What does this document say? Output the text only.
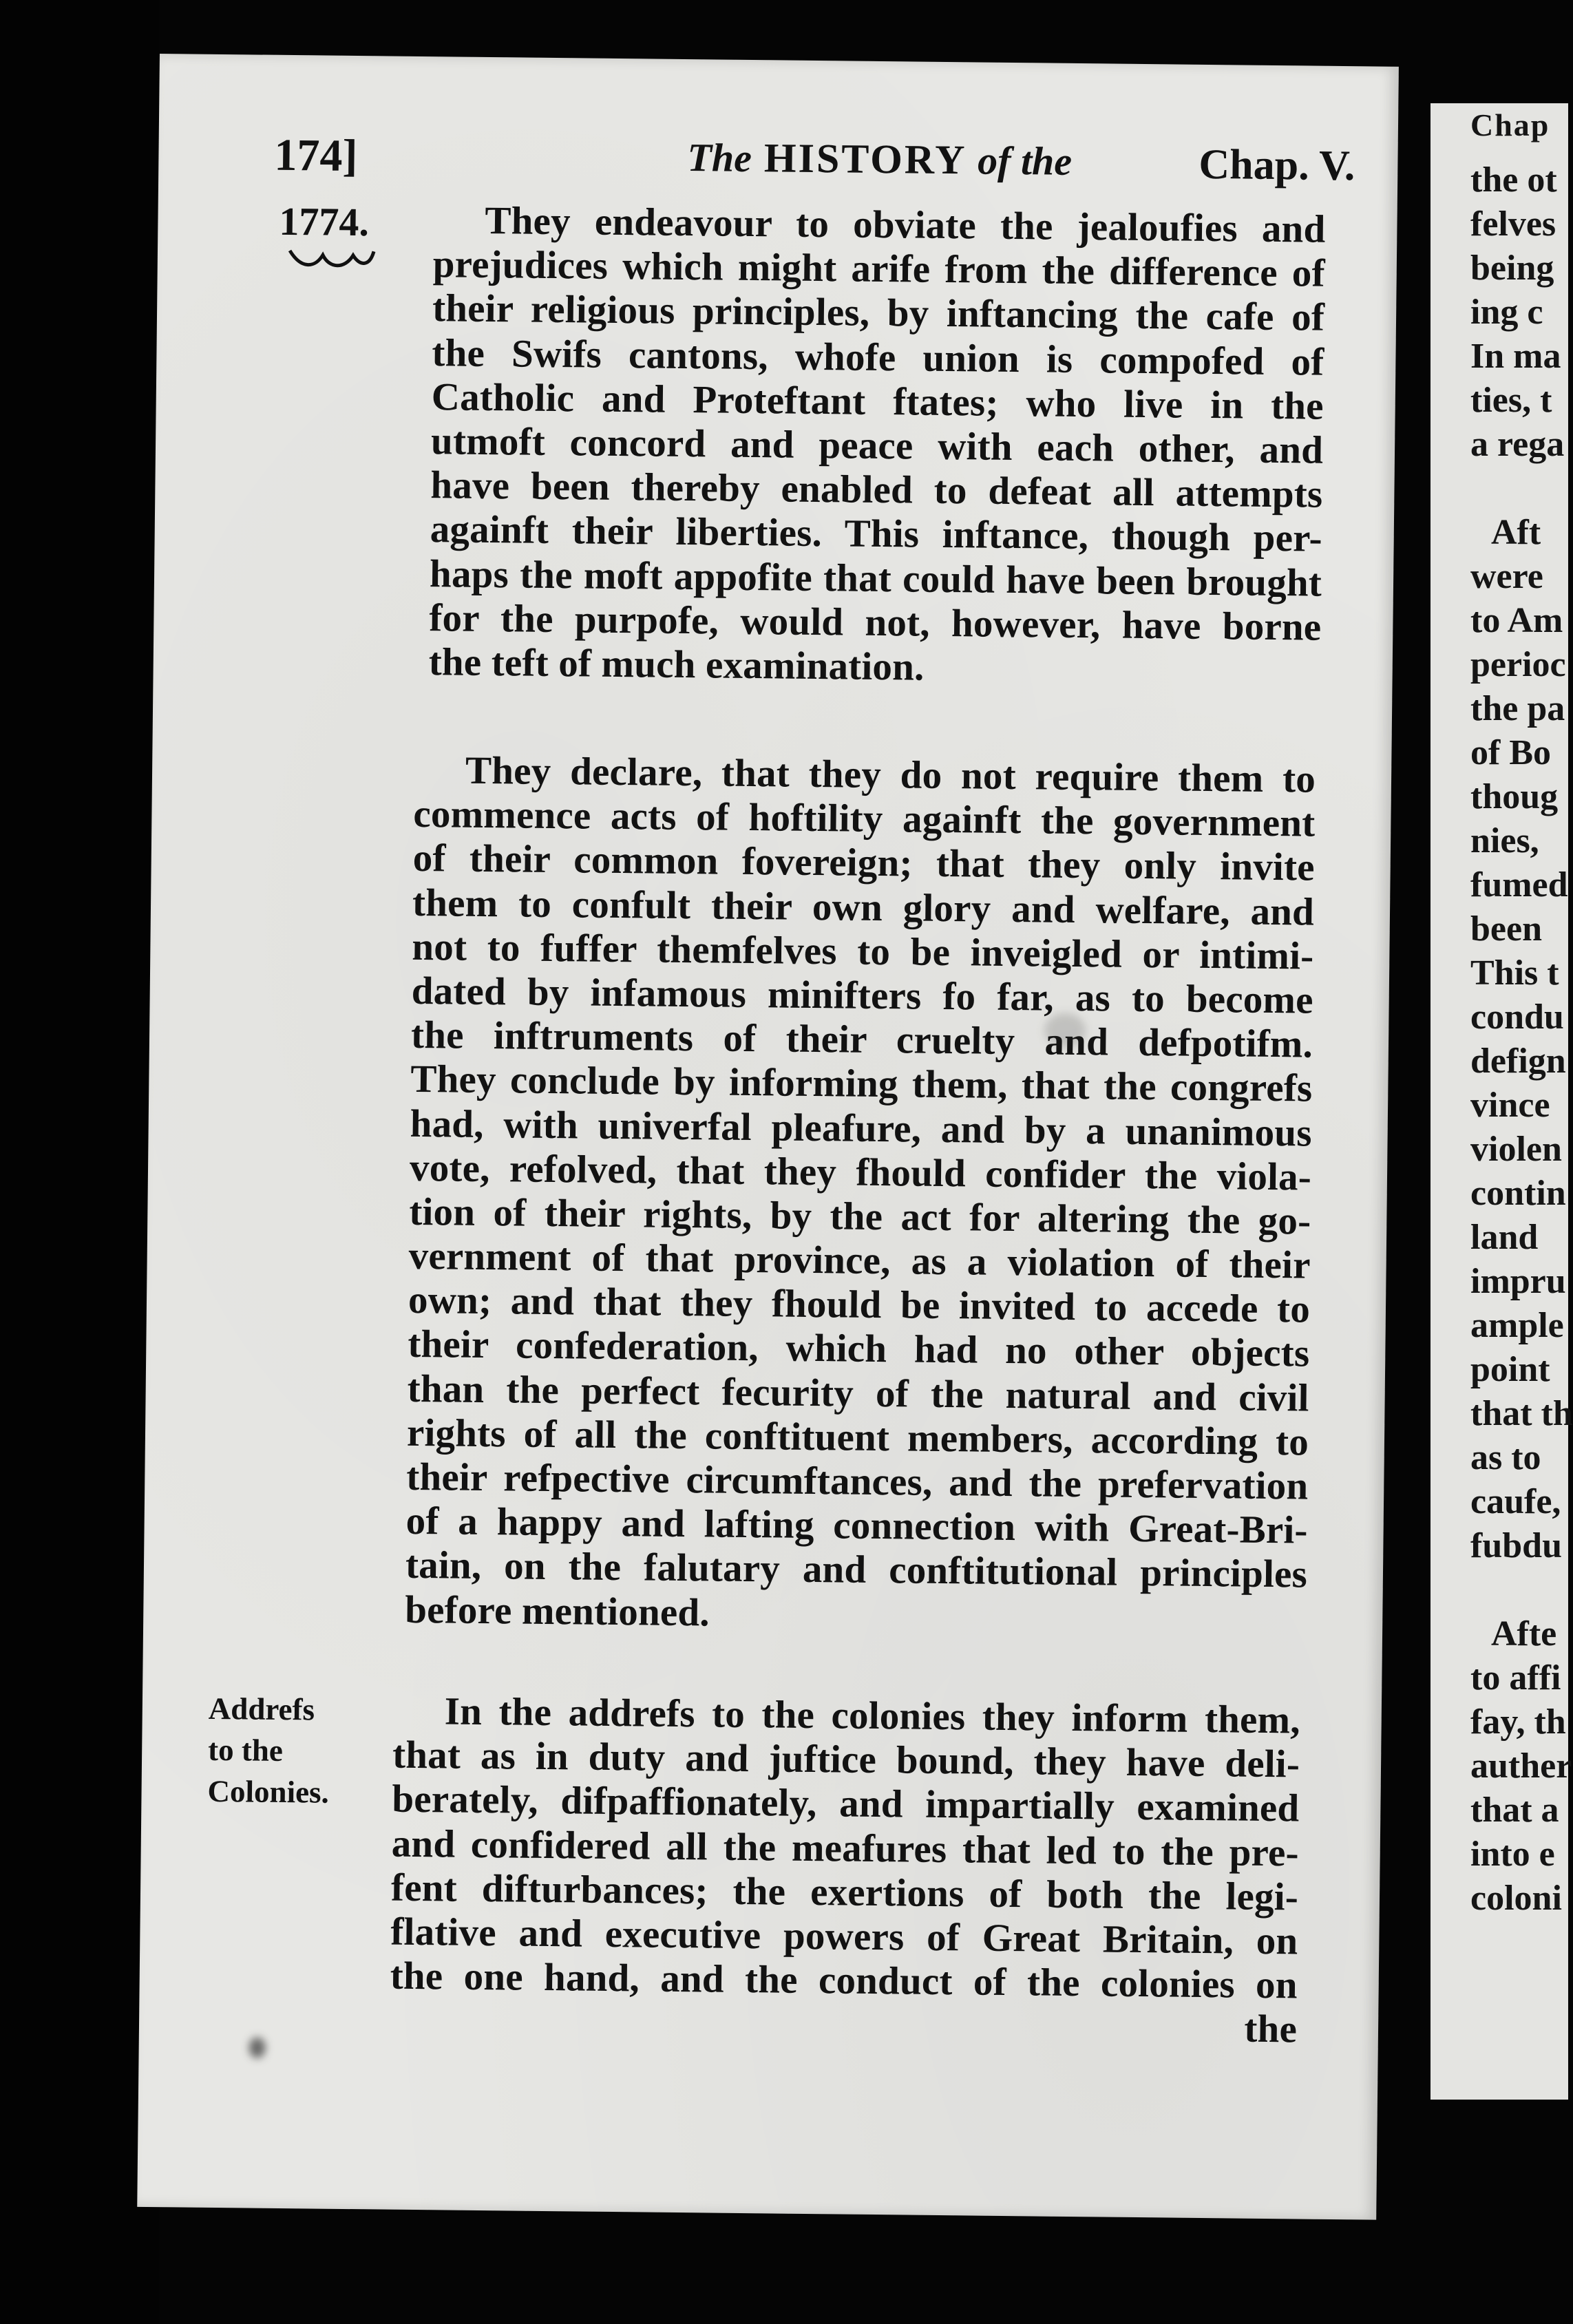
174]	The HISTORY of the	Chap. V.
1774.	They endeavour to obviate the jealoufies and
prejudices which might arife from the difference of
their religious principles, by inftancing the cafe of
the Swifs cantons, whofe union is compofed of
Catholic and Proteftant ftates; who live in the
utmoft concord and peace with each other, and
have been thereby enabled to defeat all attempts
againft their liberties. This inftance, though per-
haps the moft appofite that could have been brought
for the purpofe, would not, however, have borne
the teft of much examination.
They declare, that they do not require them to
commence acts of hoftility againft the government
of their common fovereign; that they only invite
them to confult their own glory and welfare, and
not to fuffer themfelves to be inveigled or intimi-
dated by infamous minifters fo far, as to become
the inftruments of their cruelty and defpotifm.
They conclude by informing them, that the congrefs
had, with univerfal pleafure, and by a unanimous
vote, refolved, that they fhould confider the viola-
tion of their rights, by the act for altering the go-
vernment of that province, as a violation of their
own; and that they fhould be invited to accede to
their confederation, which had no other objects
than the perfect fecurity of the natural and civil
rights of all the conftituent members, according to
their refpective circumftances, and the prefervation
of a happy and lafting connection with Great-Bri-
tain, on the falutary and conftitutional principles
before mentioned.
Addrefs
to the
Colonies.
In the addrefs to the colonies they inform them,
that as in duty and juftice bound, they have deli-
berately, difpaffionately, and impartially examined
and confidered all the meafures that led to the pre-
fent difturbances; the exertions of both the legi-
flative and executive powers of Great Britain, on
the one hand, and the conduct of the colonies on
the
Chap
the ot
felves
being
ing c
In ma
ties, t
a rega
Aft
were
to Am
perioc
the pa
of Bo
thoug
nies,
fumed
been
This t
condu
defign
vince
violen
contin
land
impru
ample
point
that th
as to
caufe,
fubdu
Afte
to affi
fay, th
auther
that a
into e
coloni
